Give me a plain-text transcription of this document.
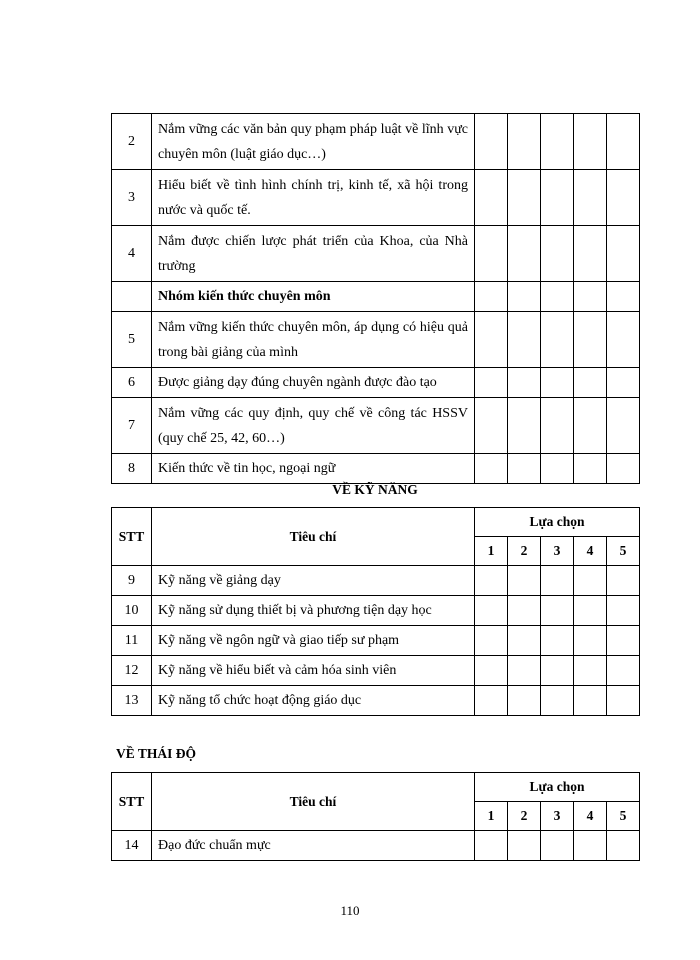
2	Nắm vững các văn bản quy phạm pháp luật về lĩnh vực chuyên môn (luật giáo dục…)					
3	Hiểu biết về tình hình chính trị, kinh tế, xã hội trong nước và quốc tế.					
4	Nắm được chiến lược phát triển của Khoa, của Nhà trường					
	Nhóm kiến thức chuyên môn					
5	Nắm vững kiến thức chuyên môn, áp dụng có hiệu quả trong bài giảng của mình					
6	Được giảng dạy đúng chuyên ngành được đào tạo					
7	Nắm vững các quy định, quy chế về công tác HSSV (quy chế 25, 42, 60…)					
8	Kiến thức về tin học, ngoại ngữ					
VỀ KỸ NĂNG
STT	Tiêu chí	Lựa chọn				
		1	2	3	4	5
9	Kỹ năng về giảng dạy					
10	Kỹ năng sử dụng thiết bị và phương tiện dạy học					
11	Kỹ năng về ngôn ngữ và giao tiếp sư phạm					
12	Kỹ năng về hiểu biết và cảm hóa sinh viên					
13	Kỹ năng tổ chức hoạt động giáo dục					
VỀ THÁI ĐỘ
STT	Tiêu chí	Lựa chọn				
		1	2	3	4	5
14	Đạo đức chuẩn mực					
110
